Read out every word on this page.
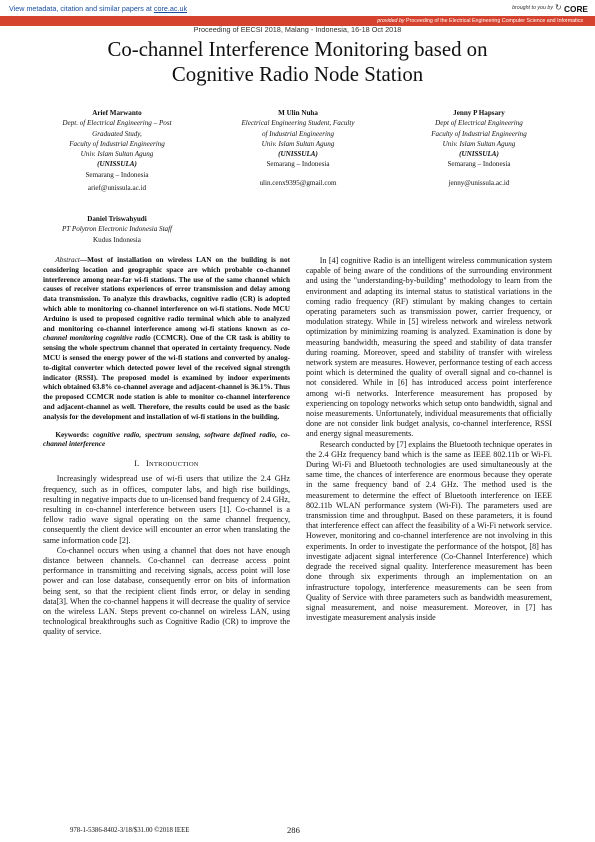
View metadata, citation and similar papers at core.ac.uk	brought to you by ↻ CORE
provided by Proceeding of the Electrical Engineering Computer Science and Informatics
Proceeding of EECSI 2018, Malang - Indonesia, 16-18 Oct 2018
Co-channel Interference Monitoring based on
Cognitive Radio Node Station
Arief Marwanto
Dept. of Electrical Engineering – Post
Graduated Study,
Faculty of Industrial Engineering
Univ. Islam Sultan Agung
(UNISSULA)
Semarang – Indonesia
arief@unissula.ac.id
M Ulin Nuha
Electrical Engineering Student, Faculty
of Industrial Engineering
Univ. Islam Sultan Agung
(UNISSULA)
Semarang – Indonesia
ulin.cenx9395@gmail.com
Jenny P Hapsary
Dept of Electrical Engineering
Faculty of Industrial Engineering
Univ. Islam Sultan Agung
(UNISSULA)
Semarang – Indonesia
jenny@unissula.ac.id
Daniel Triswahyudi
PT Polytron Electronic Indonesia Staff
Kudus Indonesia

Abstract—Most of installation on wireless LAN on the building is not considering location and geographic space are which probable co-channel interference among near-far wi-fi stations. The use of the same channel which causes of receiver stations experiences of error transmission and delay among data transmission. To analyze this drawbacks, cognitive radio (CR) is adopted which able to monitoring co-channel interference on wi-fi stations. Node MCU Arduino is used to proposed cognitive radio terminal which able to analyzed and monitoring co-channel interference among wi-fi stations known as co-channel monitoring cognitive radio (CCMCR). One of the CR task is ability to sensing the whole spectrum channel that operated in certainty frequency. Node MCU is sensed the energy power of the wi-fi stations and converted by analog-to-digital converter which detected power level of the received signal strength indicator (RSSI). The proposed model is examined by indoor experiments which obtained 63.8% co-channel average and adjacent-channel is 36.1%. Thus the proposed CCMCR node station is able to monitor co-channel interference and adjacent-channel as well. Therefore, the results could be used as the basic analysis for the development and installation of wi-fi stations in the building.

Keywords: cognitive radio, spectrum sensing, software defined radio, co-channel interference

I. INTRODUCTION

Increasingly widespread use of wi-fi users that utilize the 2.4 GHz frequency, such as in offices, computer labs, and high rise buildings, resulting in negative impacts due to un-licensed band frequency of 2.4 GHz, resulting in co-channel interference between users [1]. Co-channel is a fellow radio wave signal operating on the same channel frequency, consequently the client device will encounter an error when translating the same information code [2].

Co-channel occurs when using a channel that does not have enough distance between channels. Co-channel can decrease access point performance in transmitting and receiving signals, access point will lose power and can lose database, consequently error on bits of information being sent, so that the recipient client finds error, or delay in sending data[3]. When the co-channel happens it will decrease the quality of service on the wireless LAN. Steps prevent co-channel on wireless LAN, using technological breakthroughs such as Cognitive Radio (CR) to improve the quality of service.

In [4] cognitive Radio is an intelligent wireless communication system capable of being aware of the conditions of the surrounding environment and using the "understanding-by-building" methodology to learn from the environment and adapting its internal status to statistical variations in the coming radio frequency (RF) stimulant by making changes to certain operating parameters such as transmission power, carrier frequency, or modulation strategy. While in [5] wireless network and wireless network optimization by minimizing roaming is analyzed. Examination is done by measuring bandwidth, measuring the speed and stability of data transfer during roaming. Moreover, speed and stability of transfer with wireless network system are measures. However, performance testing of each access point which is determined the quality of overall signal and co-channel is not considered. While in [6] has introduced access point interference among wi-fi networks. Interference measurement has proposed by experiencing on topology networks which setup onto bandwidth, signal and noise measurements. Unfortunately, individual measurements that officially done are not consider link budget analysis, co-channel interference, RSSI and energy signal measurements.

Research conducted by [7] explains the Bluetooth technique operates in the 2.4 GHz frequency band which is the same as IEEE 802.11b or Wi-Fi. During Wi-Fi and Bluetooth technologies are used simultaneously at the same time, the chances of interference are enormous because they operate in the same frequency band of 2.4 GHz. The method used is the measurement to determine the effect of Bluetooth interference on IEEE 802.11b WLAN performance system (Wi-Fi). The parameters used are transmission time and throughput. Based on these parameters, it is found that interference effect can affect the feasibility of a Wi-Fi network service. However, monitoring and co-channel interference are not involving in this experiments. In order to investigate the performance of the hotspot, [8] has investigate adjacent signal interference (Co-Channel Interference) which degrade the received signal quality. Interference measurement has been done through six experiments through an implementation on an infrastructure topology, interference measurements can be seen from Quality of Service with three parameters such as bandwidth measurement, signal measurement, and noise measurement. Moreover, in [7] has investigate measurement analysis inside

978-1-5386-8402-3/18/$31.00 ©2018 IEEE	286
